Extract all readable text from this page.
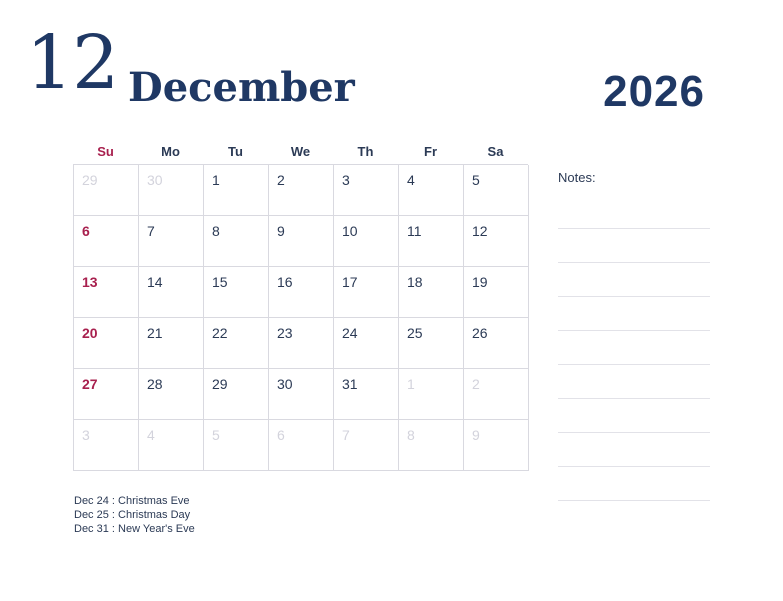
12 December	2026
Su	Mo	Tu	We	Th	Fr	Sa
29	30	1	2	3	4	5
6	7	8	9	10	11	12
13	14	15	16	17	18	19
20	21	22	23	24	25	26
27	28	29	30	31	1	2
3	4	5	6	7	8	9
Dec 24 : Christmas Eve
Dec 25 : Christmas Day
Dec 31 : New Year's Eve
Notes:
